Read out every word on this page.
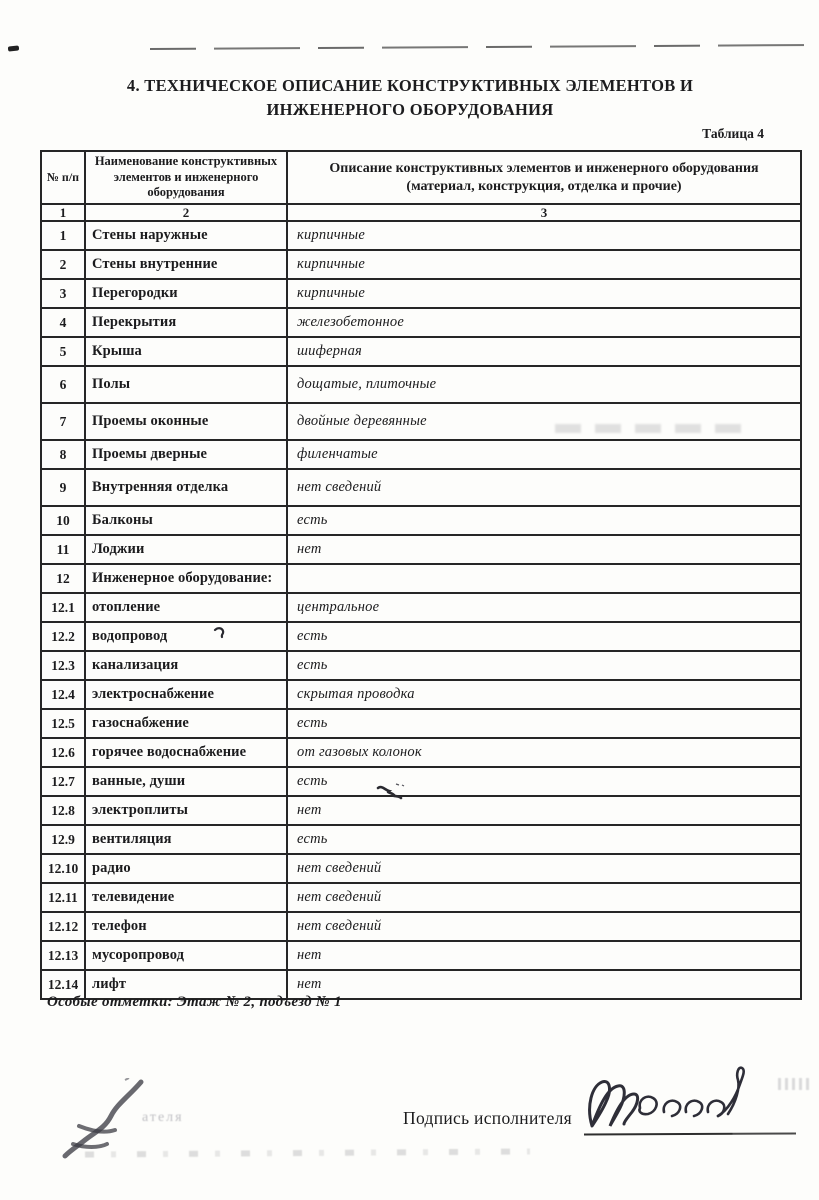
4. ТЕХНИЧЕСКОЕ ОПИСАНИЕ КОНСТРУКТИВНЫХ ЭЛЕМЕНТОВ И ИНЖЕНЕРНОГО ОБОРУДОВАНИЯ
Таблица 4
№ п/п	Наименование конструктивных элементов и инженерного оборудования	Описание конструктивных элементов и инженерного оборудования (материал, конструкция, отделка и прочие)
1	2	3
1	Стены наружные	кирпичные
2	Стены внутренние	кирпичные
3	Перегородки	кирпичные
4	Перекрытия	железобетонное
5	Крыша	шиферная
6	Полы	дощатые, плиточные
7	Проемы оконные	двойные деревянные
8	Проемы дверные	филенчатые
9	Внутренняя отделка	нет сведений
10	Балконы	есть
11	Лоджии	нет
12	Инженерное оборудование:	
12.1	отопление	центральное
12.2	водопровод	есть
12.3	канализация	есть
12.4	электроснабжение	скрытая проводка
12.5	газоснабжение	есть
12.6	горячее водоснабжение	от газовых колонок
12.7	ванные, души	есть
12.8	электроплиты	нет
12.9	вентиляция	есть
12.10	радио	нет сведений
12.11	телевидение	нет сведений
12.12	телефон	нет сведений
12.13	мусоропровод	нет
12.14	лифт	нет
Особые отметки: Этаж № 2, подъезд № 1
Подпись исполнителя
ателя
